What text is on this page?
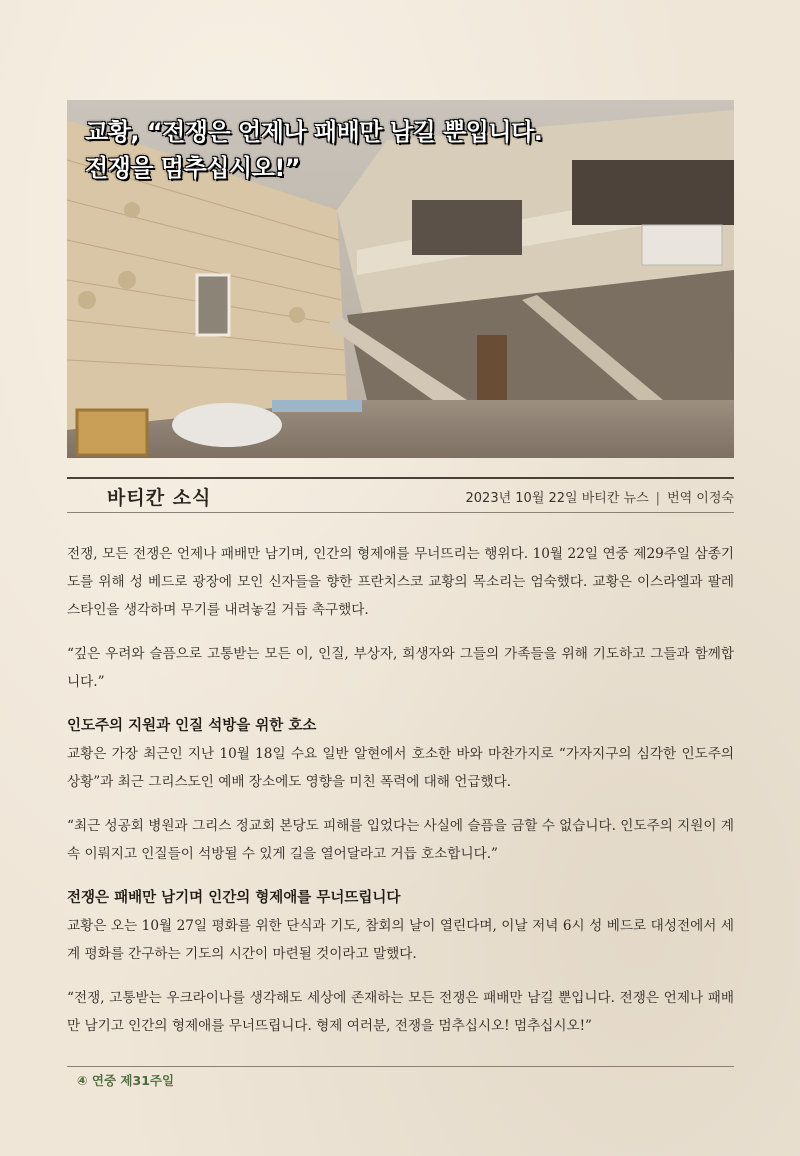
교황, “전쟁은 언제나 패배만 남길 뿐입니다.
전쟁을 멈추십시오!”
바티칸 소식	2023년 10월 22일 바티칸 뉴스 | 번역 이정숙

전쟁, 모든 전쟁은 언제나 패배만 남기며, 인간의 형제애를 무너뜨리는 행위다. 10월 22일 연중 제29주일 삼종기도를 위해 성 베드로 광장에 모인 신자들을 향한 프란치스코 교황의 목소리는 엄숙했다. 교황은 이스라엘과 팔레스타인을 생각하며 무기를 내려놓길 거듭 촉구했다.

“깊은 우려와 슬픔으로 고통받는 모든 이, 인질, 부상자, 희생자와 그들의 가족들을 위해 기도하고 그들과 함께합니다.”

인도주의 지원과 인질 석방을 위한 호소

교황은 가장 최근인 지난 10월 18일 수요 일반 알현에서 호소한 바와 마찬가지로 “가자지구의 심각한 인도주의 상황”과 최근 그리스도인 예배 장소에도 영향을 미친 폭력에 대해 언급했다.

“최근 성공회 병원과 그리스 정교회 본당도 피해를 입었다는 사실에 슬픔을 금할 수 없습니다. 인도주의 지원이 계속 이뤄지고 인질들이 석방될 수 있게 길을 열어달라고 거듭 호소합니다.”

전쟁은 패배만 남기며 인간의 형제애를 무너뜨립니다

교황은 오는 10월 27일 평화를 위한 단식과 기도, 참회의 날이 열린다며, 이날 저녁 6시 성 베드로 대성전에서 세계 평화를 간구하는 기도의 시간이 마련될 것이라고 말했다.

“전쟁, 고통받는 우크라이나를 생각해도 세상에 존재하는 모든 전쟁은 패배만 남길 뿐입니다. 전쟁은 언제나 패배만 남기고 인간의 형제애를 무너뜨립니다. 형제 여러분, 전쟁을 멈추십시오! 멈추십시오!”

④ 연중 제31주일
